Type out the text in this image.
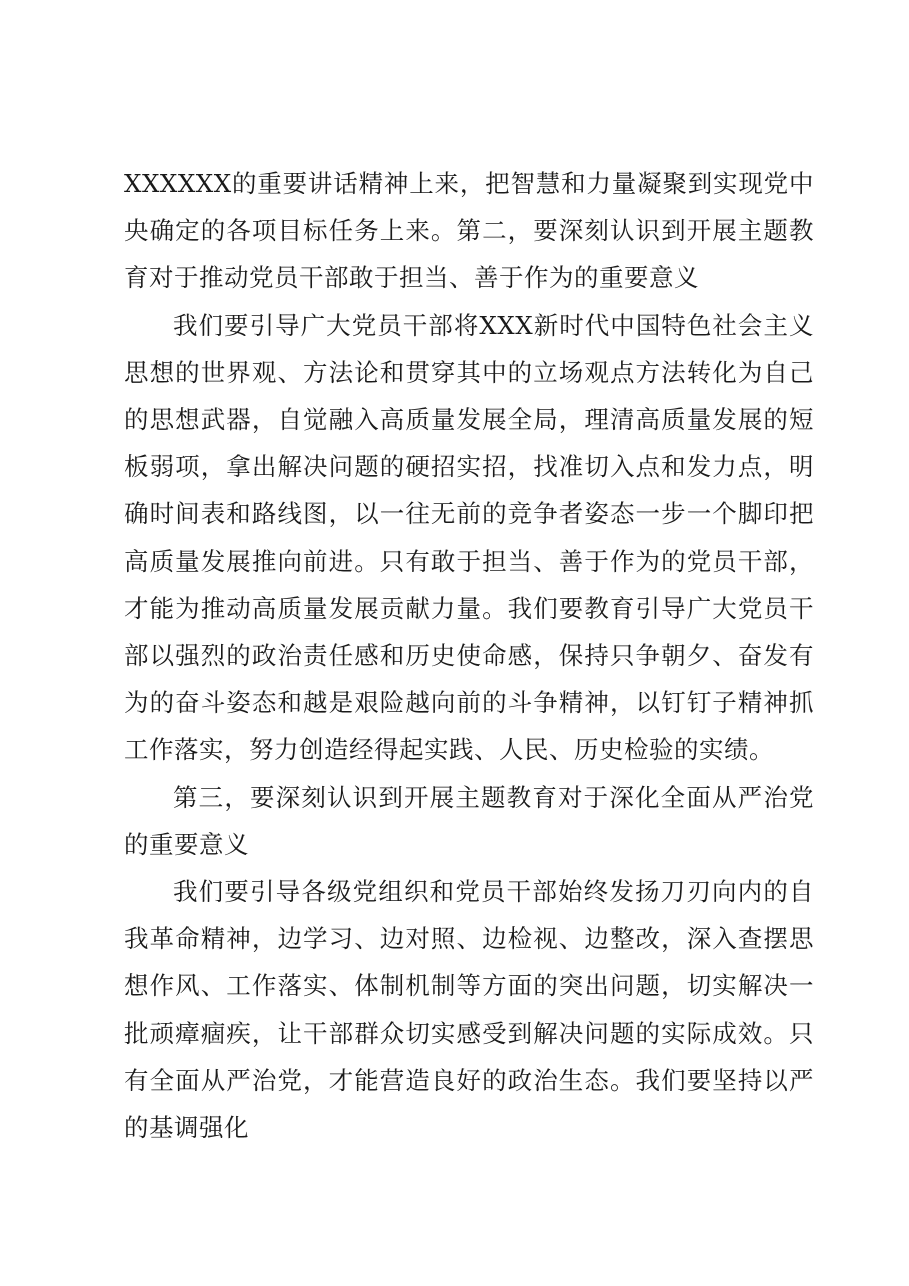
XXXXXX的重要讲话精神上来，把智慧和力量凝聚到实现党中央确定的各项目标任务上来。第二，要深刻认识到开展主题教育对于推动党员干部敢于担当、善于作为的重要意义

我们要引导广大党员干部将XXX新时代中国特色社会主义思想的世界观、方法论和贯穿其中的立场观点方法转化为自己的思想武器，自觉融入高质量发展全局，理清高质量发展的短板弱项，拿出解决问题的硬招实招，找准切入点和发力点，明确时间表和路线图，以一往无前的竞争者姿态一步一个脚印把高质量发展推向前进。只有敢于担当、善于作为的党员干部，才能为推动高质量发展贡献力量。我们要教育引导广大党员干部以强烈的政治责任感和历史使命感，保持只争朝夕、奋发有为的奋斗姿态和越是艰险越向前的斗争精神，以钉钉子精神抓工作落实，努力创造经得起实践、人民、历史检验的实绩。

第三，要深刻认识到开展主题教育对于深化全面从严治党的重要意义

我们要引导各级党组织和党员干部始终发扬刀刃向内的自我革命精神，边学习、边对照、边检视、边整改，深入查摆思想作风、工作落实、体制机制等方面的突出问题，切实解决一批顽瘴痼疾，让干部群众切实感受到解决问题的实际成效。只有全面从严治党，才能营造良好的政治生态。我们要坚持以严的基调强化
